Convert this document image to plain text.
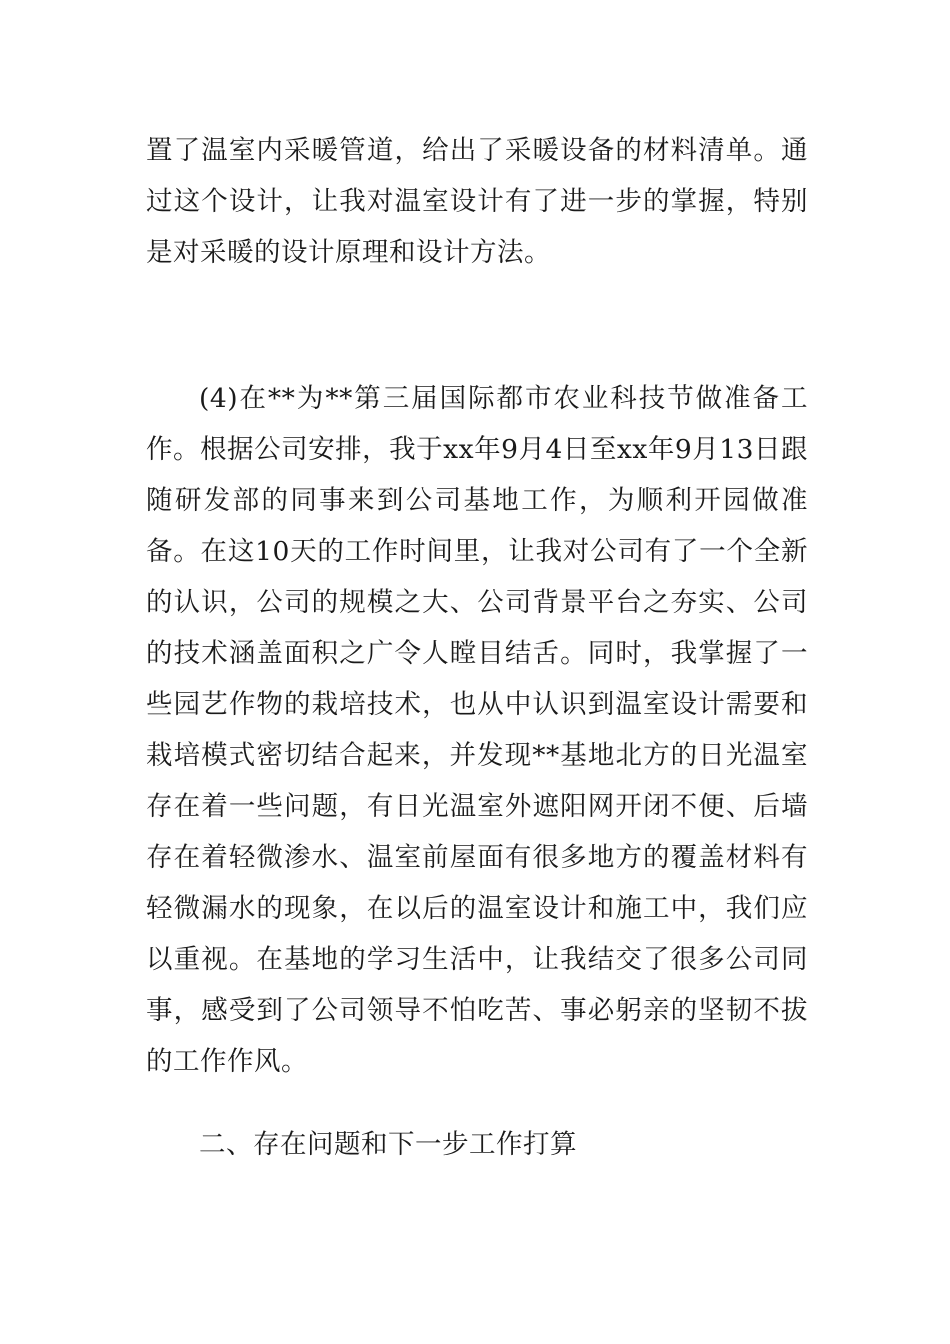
置了温室内采暖管道，给出了采暖设备的材料清单。通过这个设计，让我对温室设计有了进一步的掌握，特别是对采暖的设计原理和设计方法。

(4)在**为**第三届国际都市农业科技节做准备工作。根据公司安排，我于xx年9月4日至xx年9月13日跟随研发部的同事来到公司基地工作，为顺利开园做准备。在这10天的工作时间里，让我对公司有了一个全新的认识，公司的规模之大、公司背景平台之夯实、公司的技术涵盖面积之广令人瞠目结舌。同时，我掌握了一些园艺作物的栽培技术，也从中认识到温室设计需要和栽培模式密切结合起来，并发现**基地北方的日光温室存在着一些问题，有日光温室外遮阳网开闭不便、后墙存在着轻微渗水、温室前屋面有很多地方的覆盖材料有轻微漏水的现象，在以后的温室设计和施工中，我们应以重视。在基地的学习生活中，让我结交了很多公司同事，感受到了公司领导不怕吃苦、事必躬亲的坚韧不拔的工作作风。

二、存在问题和下一步工作打算
